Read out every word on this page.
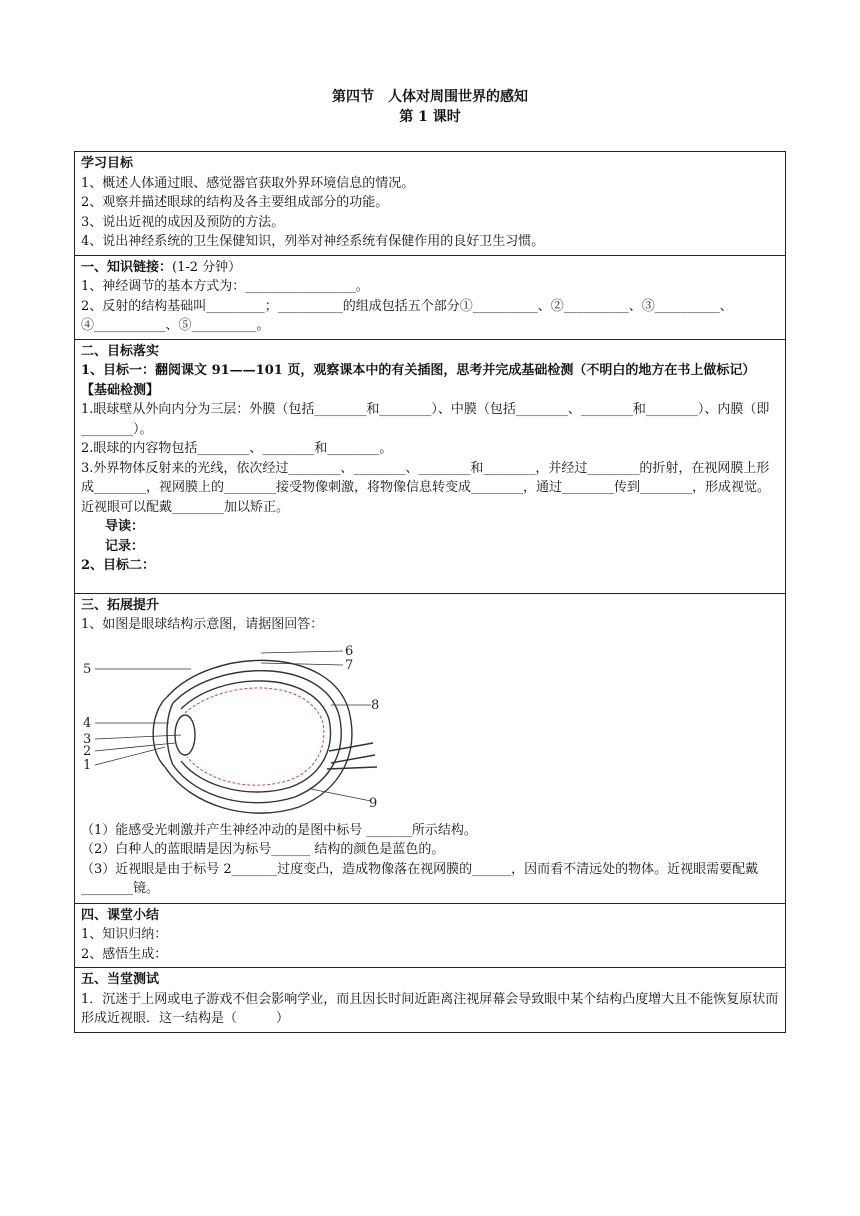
第四节　人体对周围世界的感知
第 1 课时
学习目标
1、概述人体通过眼、感觉器官获取外界环境信息的情况。
2、观察并描述眼球的结构及各主要组成部分的功能。
3、说出近视的成因及预防的方法。
4、说出神经系统的卫生保健知识，列举对神经系统有保健作用的良好卫生习惯。

一、知识链接：(1-2 分钟）
1、神经调节的基本方式为：_________________。
2、反射的结构基础叫_________；__________的组成包括五个部分①__________、②__________、③__________、④___________、⑤__________。

二、目标落实
1、目标一：翻阅课文 91——101 页，观察课本中的有关插图，思考并完成基础检测（不明白的地方在书上做标记）
【基础检测】
1.眼球壁从外向内分为三层：外膜（包括________和________）、中膜（包括________、________和________）、内膜（即________）。
2.眼球的内容物包括________、________和________。
3.外界物体反射来的光线，依次经过________、________、________和________，并经过________的折射，在视网膜上形成________，视网膜上的________接受物像刺激，将物像信息转变成________，通过________传到________，形成视觉。近视眼可以配戴________加以矫正。
导读：
记录：
2、目标二：

三、拓展提升
1、如图是眼球结构示意图，请据图回答：
1
2
3
4
5
6
7
8
9
（1）能感受光刺激并产生神经冲动的是图中标号 _______所示结构。
（2）白种人的蓝眼睛是因为标号______ 结构的颜色是蓝色的。
（3）近视眼是由于标号 2_______过度变凸，造成物像落在视网膜的______，因而看不清远处的物体。近视眼需要配戴 ________镜。

四、课堂小结
1、知识归纳：
2、感悟生成：

五、当堂测试
1．沉迷于上网或电子游戏不但会影响学业，而且因长时间近距离注视屏幕会导致眼中某个结构凸度增大且不能恢复原状而形成近视眼．这一结构是（　　　）
